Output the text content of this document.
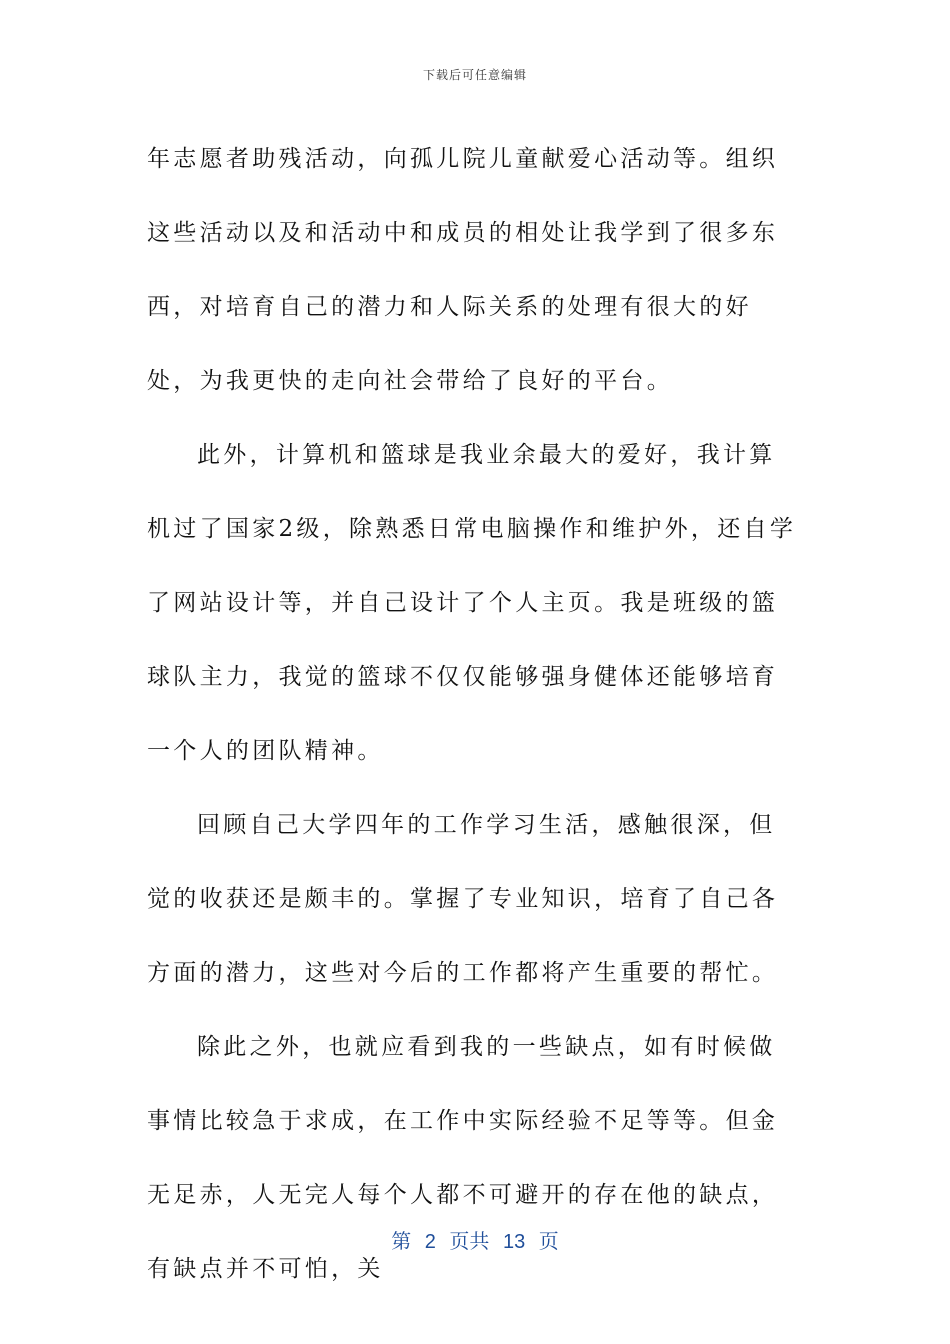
下载后可任意编辑

年志愿者助残活动，向孤儿院儿童献爱心活动等。组织这些活动以及和活动中和成员的相处让我学到了很多东西，对培育自己的潜力和人际关系的处理有很大的好处，为我更快的走向社会带给了良好的平台。

此外，计算机和篮球是我业余最大的爱好，我计算机过了国家2级，除熟悉日常电脑操作和维护外，还自学了网站设计等，并自己设计了个人主页。我是班级的篮球队主力，我觉的篮球不仅仅能够强身健体还能够培育一个人的团队精神。

回顾自己大学四年的工作学习生活，感触很深，但觉的收获还是颇丰的。掌握了专业知识，培育了自己各方面的潜力，这些对今后的工作都将产生重要的帮忙。

除此之外，也就应看到我的一些缺点，如有时候做事情比较急于求成，在工作中实际经验不足等等。但金无足赤，人无完人每个人都不可避开的存在他的缺点，有缺点并不可怕，关

第 2 页共 13 页
